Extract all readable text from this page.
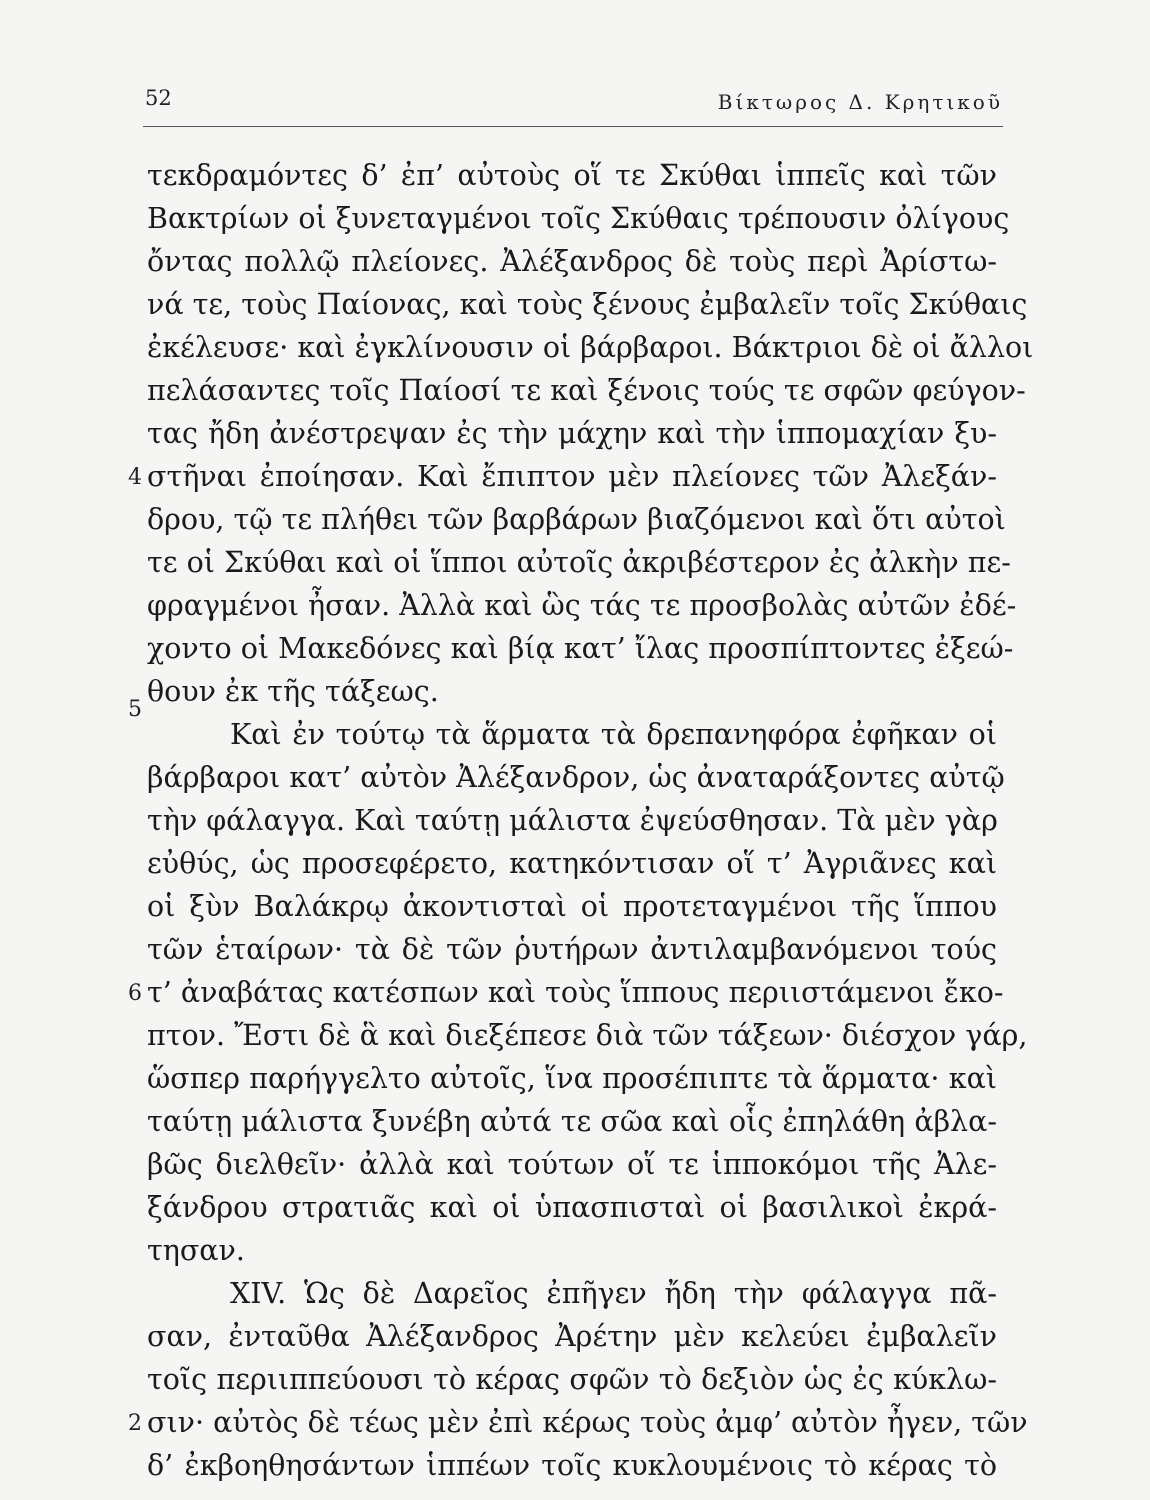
52	Βίκτωρος Δ. Κρητικοῦ
τεκδραμόντες δ’ ἐπ’ αὐτοὺς οἵ τε Σκύθαι ἱππεῖς καὶ τῶν
Βακτρίων οἱ ξυνεταγμένοι τοῖς Σκύθαις τρέπουσιν ὀλίγους
ὄντας πολλῷ πλείονες. Ἀλέξανδρος δὲ τοὺς περὶ Ἀρίστω-
νά τε, τοὺς Παίονας, καὶ τοὺς ξένους ἐμβαλεῖν τοῖς Σκύθαις
ἐκέλευσε· καὶ ἐγκλίνουσιν οἱ βάρβαροι. Βάκτριοι δὲ οἱ ἄλλοι
πελάσαντες τοῖς Παίοσί τε καὶ ξένοις τούς τε σφῶν φεύγον-
τας ἤδη ἀνέστρεψαν ἐς τὴν μάχην καὶ τὴν ἱππομαχίαν ξυ-
στῆναι ἐποίησαν. Καὶ ἔπιπτον μὲν πλείονες τῶν Ἀλεξάν-
δρου, τῷ τε πλήθει τῶν βαρβάρων βιαζόμενοι καὶ ὅτι αὐτοὶ
τε οἱ Σκύθαι καὶ οἱ ἵπποι αὐτοῖς ἀκριβέστερον ἐς ἀλκὴν πε-
φραγμένοι ἦσαν. Ἀλλὰ καὶ ὣς τάς τε προσβολὰς αὐτῶν ἐδέ-
χοντο οἱ Μακεδόνες καὶ βίᾳ κατ’ ἴλας προσπίπτοντες ἐξεώ-
θουν ἐκ τῆς τάξεως.
Καὶ ἐν τούτῳ τὰ ἅρματα τὰ δρεπανηφόρα ἐφῆκαν οἱ
βάρβαροι κατ’ αὐτὸν Ἀλέξανδρον, ὡς ἀναταράξοντες αὐτῷ
τὴν φάλαγγα. Καὶ ταύτῃ μάλιστα ἐψεύσθησαν. Τὰ μὲν γὰρ
εὐθύς, ὡς προσεφέρετο, κατηκόντισαν οἵ τ’ Ἀγριᾶνες καὶ
οἱ ξὺν Βαλάκρῳ ἀκοντισταὶ οἱ προτεταγμένοι τῆς ἵππου
τῶν ἑταίρων· τὰ δὲ τῶν ῥυτήρων ἀντιλαμβανόμενοι τούς
τ’ ἀναβάτας κατέσπων καὶ τοὺς ἵππους περιιστάμενοι ἔκο-
πτον. Ἔστι δὲ ἃ καὶ διεξέπεσε διὰ τῶν τάξεων· διέσχον γάρ,
ὥσπερ παρήγγελτο αὐτοῖς, ἵνα προσέπιπτε τὰ ἅρματα· καὶ
ταύτῃ μάλιστα ξυνέβη αὐτά τε σῶα καὶ οἷς ἐπηλάθη ἀβλα-
βῶς διελθεῖν· ἀλλὰ καὶ τούτων οἵ τε ἱπποκόμοι τῆς Ἀλε-
ξάνδρου στρατιᾶς καὶ οἱ ὑπασπισταὶ οἱ βασιλικοὶ ἐκρά-
τησαν.
XIV. Ὡς δὲ Δαρεῖος ἐπῆγεν ἤδη τὴν φάλαγγα πᾶ-
σαν, ἐνταῦθα Ἀλέξανδρος Ἀρέτην μὲν κελεύει ἐμβαλεῖν
τοῖς περιιππεύουσι τὸ κέρας σφῶν τὸ δεξιὸν ὡς ἐς κύκλω-
σιν· αὐτὸς δὲ τέως μὲν ἐπὶ κέρως τοὺς ἀμφ’ αὐτὸν ἦγεν, τῶν
δ’ ἐκβοηθησάντων ἱππέων τοῖς κυκλουμένοις τὸ κέρας τὸ
4
5
6
2
